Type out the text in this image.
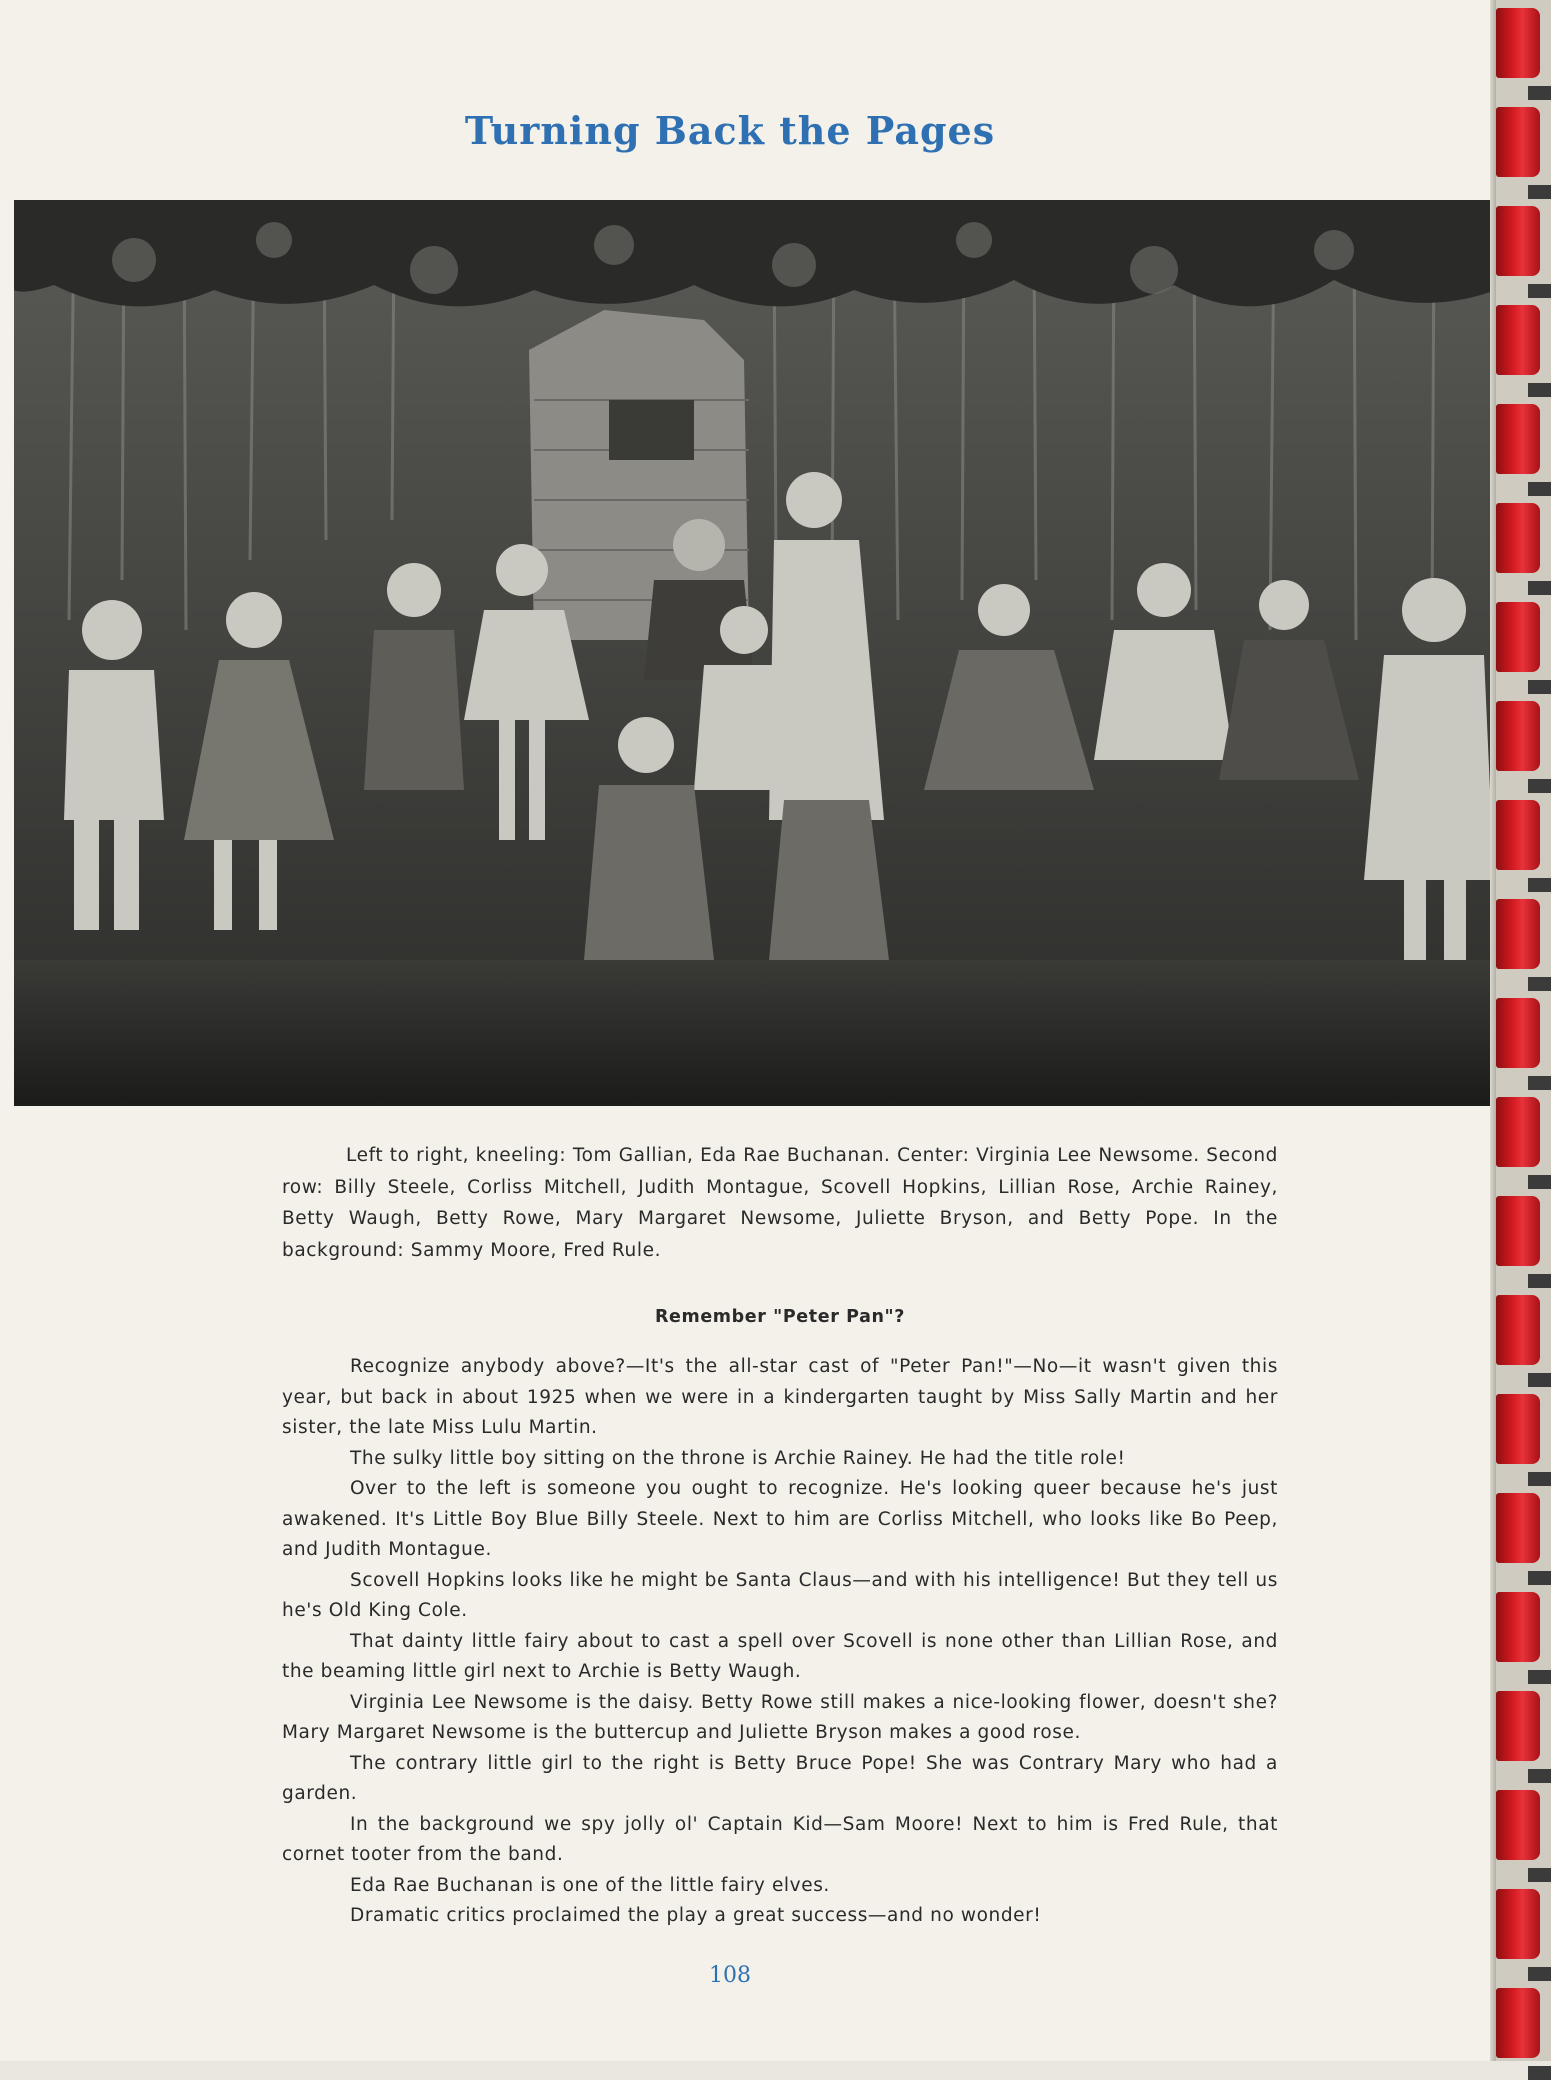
Turning Back the Pages
Left to right, kneeling: Tom Gallian, Eda Rae Buchanan. Center: Virginia Lee Newsome. Second row: Billy Steele, Corliss Mitchell, Judith Montague, Scovell Hopkins, Lillian Rose, Archie Rainey, Betty Waugh, Betty Rowe, Mary Margaret Newsome, Juliette Bryson, and Betty Pope. In the background: Sammy Moore, Fred Rule.
Remember "Peter Pan"?

Recognize anybody above?—It's the all-star cast of "Peter Pan!"—No—it wasn't given this year, but back in about 1925 when we were in a kindergarten taught by Miss Sally Martin and her sister, the late Miss Lulu Martin.

The sulky little boy sitting on the throne is Archie Rainey. He had the title role!

Over to the left is someone you ought to recognize. He's looking queer because he's just awakened. It's Little Boy Blue Billy Steele. Next to him are Corliss Mitchell, who looks like Bo Peep, and Judith Montague.

Scovell Hopkins looks like he might be Santa Claus—and with his intelligence! But they tell us he's Old King Cole.

That dainty little fairy about to cast a spell over Scovell is none other than Lillian Rose, and the beaming little girl next to Archie is Betty Waugh.

Virginia Lee Newsome is the daisy. Betty Rowe still makes a nice-looking flower, doesn't she? Mary Margaret Newsome is the buttercup and Juliette Bryson makes a good rose.

The contrary little girl to the right is Betty Bruce Pope! She was Contrary Mary who had a garden.

In the background we spy jolly ol' Captain Kid—Sam Moore! Next to him is Fred Rule, that cornet tooter from the band.

Eda Rae Buchanan is one of the little fairy elves.

Dramatic critics proclaimed the play a great success—and no wonder!

108
